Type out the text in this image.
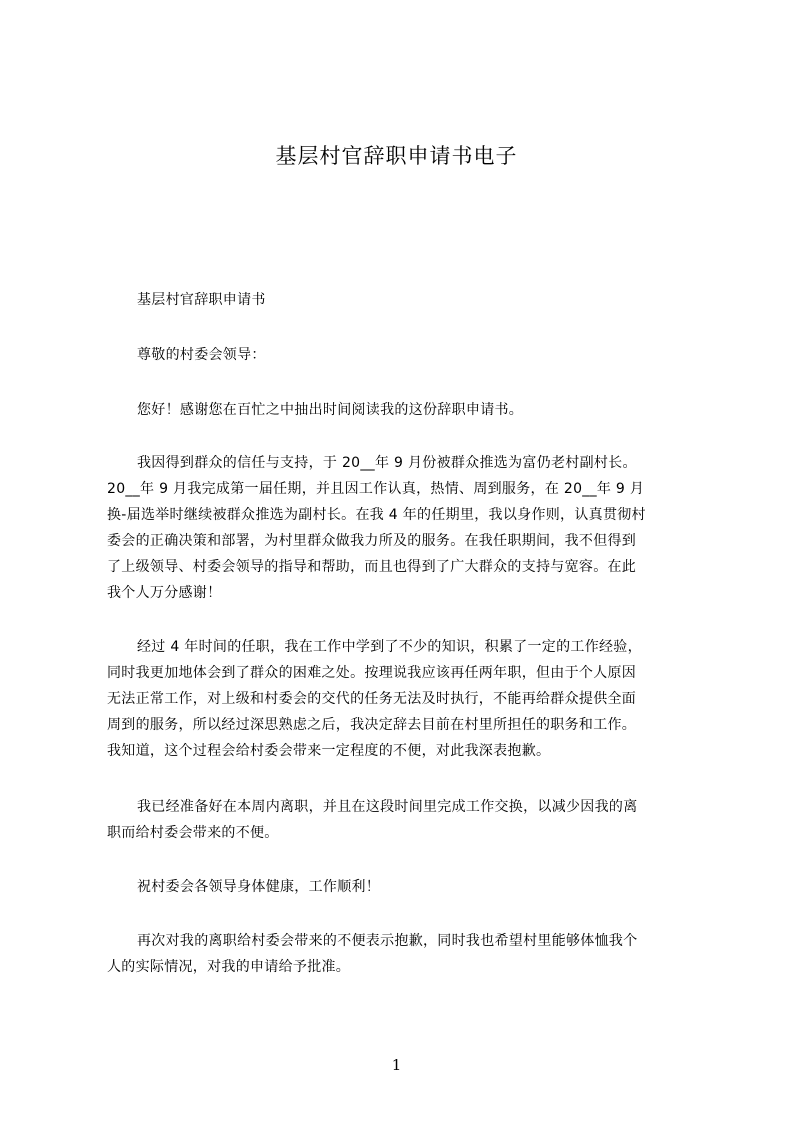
基层村官辞职申请书电子
基层村官辞职申请书
尊敬的村委会领导：
您好！感谢您在百忙之中抽出时间阅读我的这份辞职申请书。
我因得到群众的信任与支持，于 20__年 9 月份被群众推选为富仍老村副村长。
20__年 9 月我完成第一届任期，并且因工作认真，热情、周到服务，在 20__年 9 月
换-届选举时继续被群众推选为副村长。在我 4 年的任期里，我以身作则，认真贯彻村
委会的正确决策和部署，为村里群众做我力所及的服务。在我任职期间，我不但得到
了上级领导、村委会领导的指导和帮助，而且也得到了广大群众的支持与宽容。在此
我个人万分感谢！
经过 4 年时间的任职，我在工作中学到了不少的知识，积累了一定的工作经验，
同时我更加地体会到了群众的困难之处。按理说我应该再任两年职，但由于个人原因
无法正常工作，对上级和村委会的交代的任务无法及时执行，不能再给群众提供全面
周到的服务，所以经过深思熟虑之后，我决定辞去目前在村里所担任的职务和工作。
我知道，这个过程会给村委会带来一定程度的不便，对此我深表抱歉。
我已经准备好在本周内离职，并且在这段时间里完成工作交换，以减少因我的离
职而给村委会带来的不便。
祝村委会各领导身体健康，工作顺利！
再次对我的离职给村委会带来的不便表示抱歉，同时我也希望村里能够体恤我个
人的实际情况，对我的申请给予批准。
1
